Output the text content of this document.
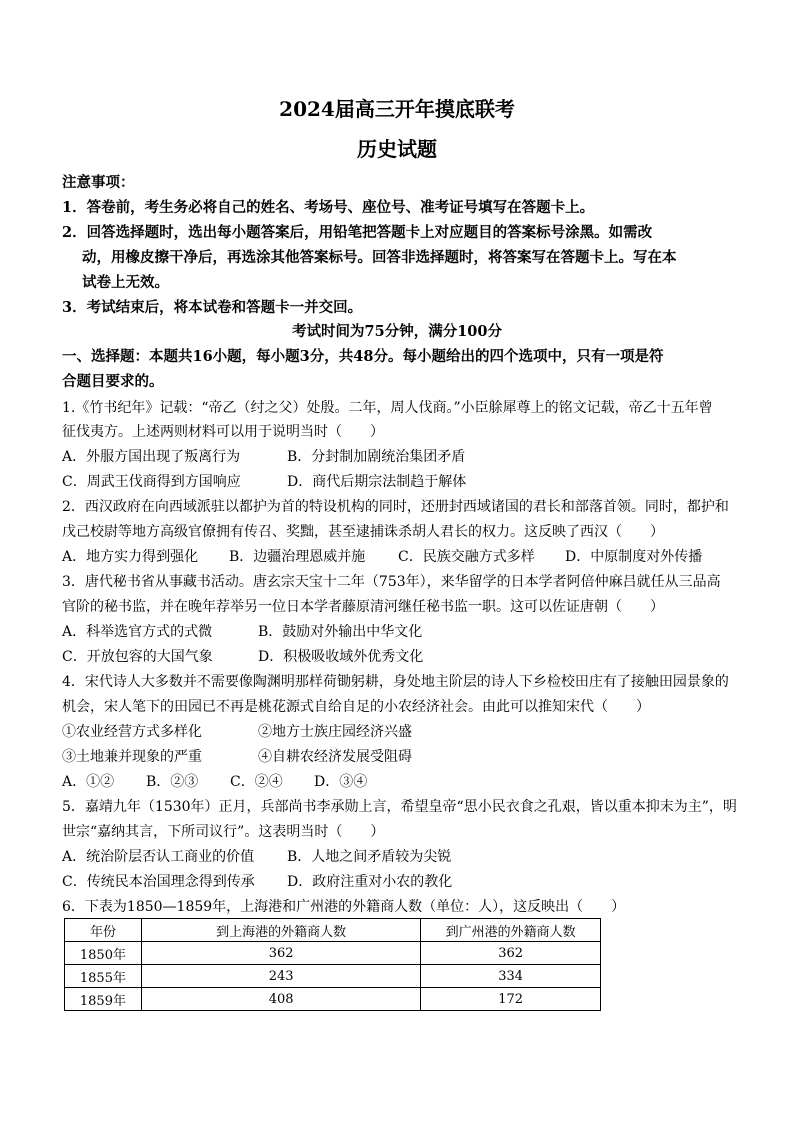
2024届高三开年摸底联考
历史试题
注意事项：
1．答卷前，考生务必将自己的姓名、考场号、座位号、准考证号填写在答题卡上。
2．回答选择题时，选出每小题答案后，用铅笔把答题卡上对应题目的答案标号涂黑。如需改
动，用橡皮擦干净后，再选涂其他答案标号。回答非选择题时，将答案写在答题卡上。写在本
试卷上无效。
3．考试结束后，将本试卷和答题卡一并交回。
考试时间为75分钟，满分100分
一、选择题：本题共16小题，每小题3分，共48分。每小题给出的四个选项中，只有一项是符
合题目要求的。
1.《竹书纪年》记载：“帝乙（纣之父）处殷。二年，周人伐商。”小臣艅犀尊上的铭文记载，帝乙十五年曾
征伐夷方。上述两则材料可以用于说明当时（　　）
A．外服方国出现了叛离行为	B．分封制加剧统治集团矛盾
C．周武王伐商得到方国响应	D．商代后期宗法制趋于解体
2．西汉政府在向西域派驻以都护为首的特设机构的同时，还册封西域诸国的君长和部落首领。同时，都护和
戊己校尉等地方高级官僚拥有传召、奖黜，甚至逮捕诛杀胡人君长的权力。这反映了西汉（　　）
A．地方实力得到强化 B．边疆治理恩威并施 C．民族交融方式多样 D．中原制度对外传播
3．唐代秘书省从事藏书活动。唐玄宗天宝十二年（753年），来华留学的日本学者阿倍仲麻吕就任从三品高
官阶的秘书监，并在晚年荐举另一位日本学者藤原清河继任秘书监一职。这可以佐证唐朝（　　）
A．科举选官方式的式微	B．鼓励对外输出中华文化
C．开放包容的大国气象	D．积极吸收域外优秀文化
4．宋代诗人大多数并不需要像陶渊明那样荷锄躬耕，身处地主阶层的诗人下乡检校田庄有了接触田园景象的
机会，宋人笔下的田园已不再是桃花源式自给自足的小农经济社会。由此可以推知宋代（　　）
①农业经营方式多样化	②地方士族庄园经济兴盛
③土地兼并现象的严重	④自耕农经济发展受阻碍
A．①② B．②③ C．②④ D．③④
5．嘉靖九年（1530年）正月，兵部尚书李承勋上言，希望皇帝“思小民衣食之孔艰，皆以重本抑末为主”，明
世宗“嘉纳其言，下所司议行”。这表明当时（　　）
A．统治阶层否认工商业的价值 B．人地之间矛盾较为尖锐
C．传统民本治国理念得到传承 D．政府注重对小农的教化
6．下表为1850—1859年，上海港和广州港的外籍商人数（单位：人），这反映出（　　）
年份	到上海港的外籍商人数	到广州港的外籍商人数
1850年	362	362
1855年	243	334
1859年	408	172
